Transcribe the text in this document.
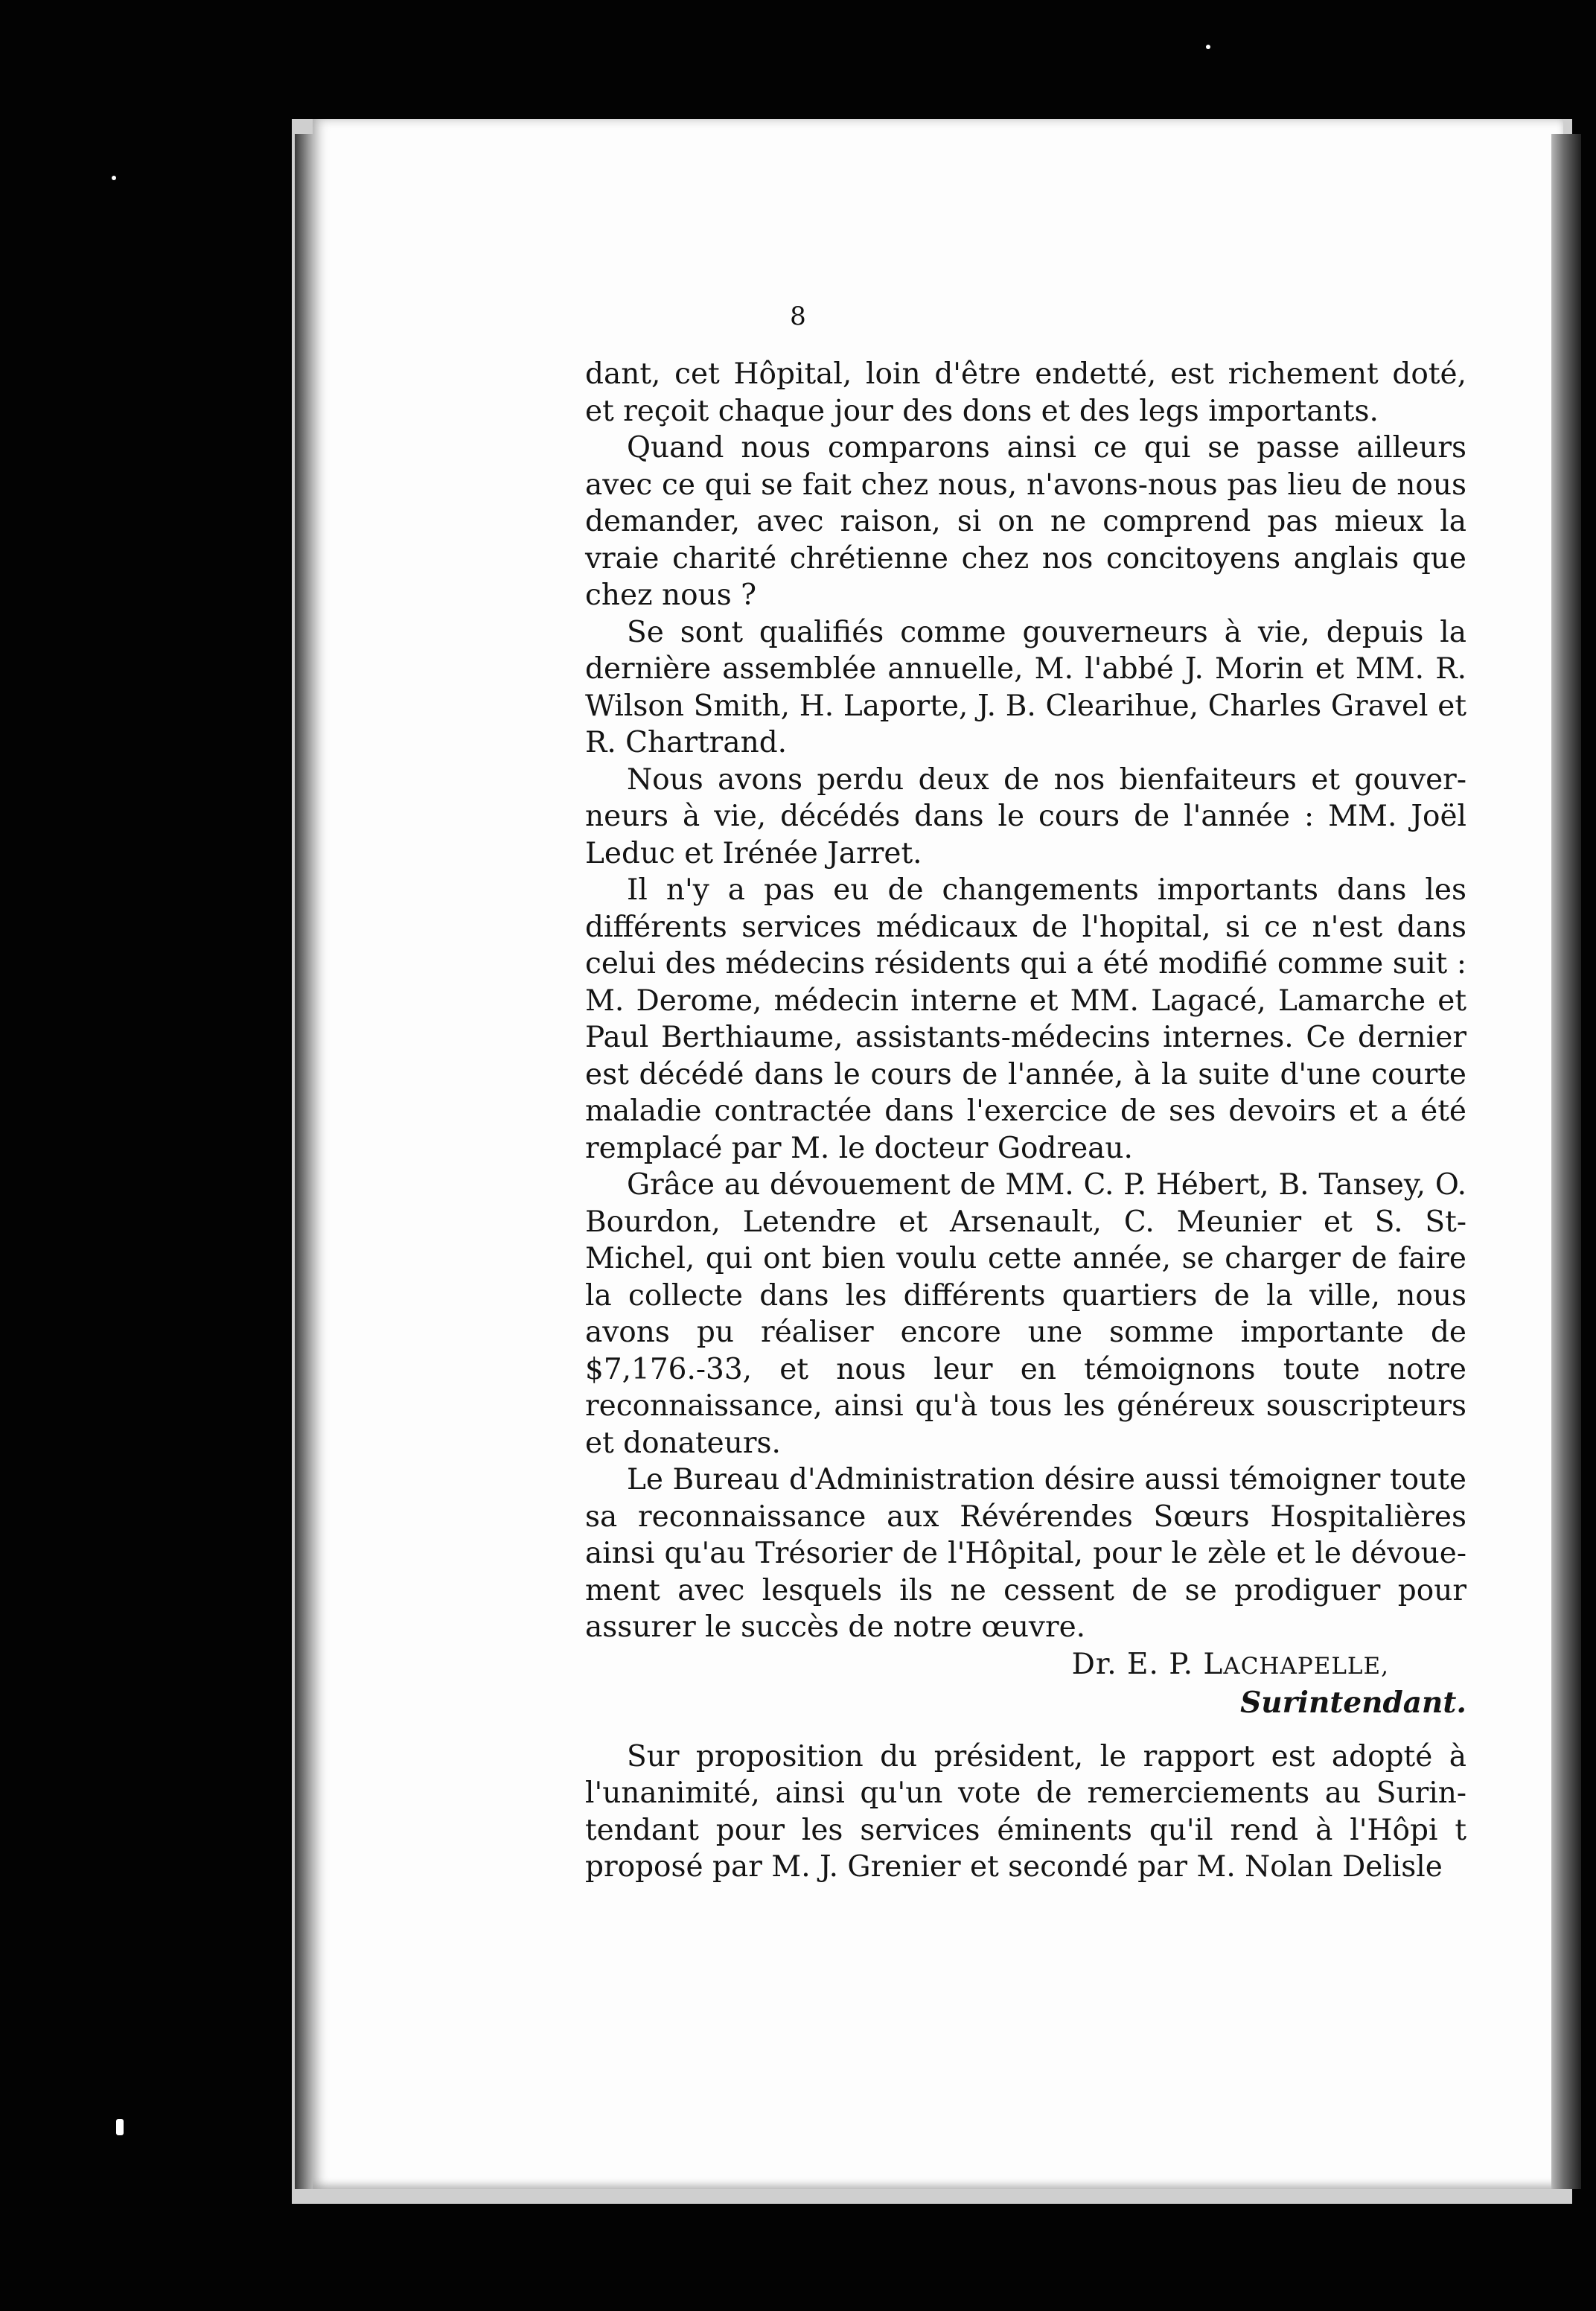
8

dant, cet Hôpital, loin d'être endetté, est richement doté, et reçoit chaque jour des dons et des legs importants.

Quand nous comparons ainsi ce qui se passe ailleurs avec ce qui se fait chez nous, n'avons-nous pas lieu de nous demander, avec raison, si on ne comprend pas mieux la vraie charité chrétienne chez nos concitoyens anglais que chez nous ?

Se sont qualifiés comme gouverneurs à vie, depuis la dernière assemblée annuelle, M. l'abbé J. Morin et MM. R. Wilson Smith, H. Laporte, J. B. Clearihue, Charles Gravel et R. Chartrand.

Nous avons perdu deux de nos bienfaiteurs et gouverneurs à vie, décédés dans le cours de l'année : MM. Joël Leduc et Irénée Jarret.

Il n'y a pas eu de changements importants dans les différents services médicaux de l'hopital, si ce n'est dans celui des médecins résidents qui a été modifié comme suit : M. Derome, médecin interne et MM. Lagacé, Lamarche et Paul Berthiaume, assistants-médecins internes. Ce dernier est décédé dans le cours de l'année, à la suite d'une courte maladie contractée dans l'exercice de ses devoirs et a été remplacé par M. le docteur Godreau.

Grâce au dévouement de MM. C. P. Hébert, B. Tansey, O. Bourdon, Letendre et Arsenault, C. Meunier et S. St-Michel, qui ont bien voulu cette année, se charger de faire la collecte dans les différents quartiers de la ville, nous avons pu réaliser encore une somme importante de $7,176.-33, et nous leur en témoignons toute notre reconnaissance, ainsi qu'à tous les généreux souscripteurs et donateurs.

Le Bureau d'Administration désire aussi témoigner toute sa reconnaissance aux Révérendes Sœurs Hospitalières ainsi qu'au Trésorier de l'Hôpital, pour le zèle et le dévouement avec lesquels ils ne cessent de se prodiguer pour assurer le succès de notre œuvre.

Dr. E. P. LACHAPELLE,

Surintendant.

Sur proposition du président, le rapport est adopté à l'unanimité, ainsi qu'un vote de remerciements au Surintendant pour les services éminents qu'il rend à l'Hôpi t proposé par M. J. Grenier et secondé par M. Nolan Delisle
